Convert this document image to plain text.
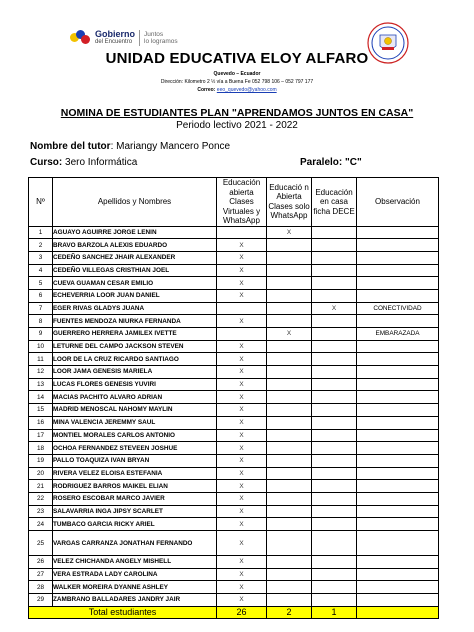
Gobierno
del Encuentro
Juntos
lo logramos
UNIDAD EDUCATIVA ELOY ALFARO
Quevedo – Ecuador
Dirección: Kilometro 2 ½ vía a Buena Fe 052 798 106 – 052 797 177
Correo: eeo_quevedo@yahoo.com
NOMINA DE ESTUDIANTES PLAN "APRENDAMOS JUNTOS EN CASA"
Periodo lectivo 2021 - 2022
Nombre del tutor: Mariangy Mancero Ponce
Curso: 3ero Informática	Paralelo: "C"
Nº	Apellidos y Nombres	Educación abierta Clases Virtuales y WhatsApp	Educació n Abierta Clases solo WhatsApp	Educación en casa ficha DECE	Observación
1	AGUAYO AGUIRRE JORGE LENIN		X		
2	BRAVO BARZOLA ALEXIS EDUARDO	X			
3	CEDEÑO SANCHEZ JHAIR ALEXANDER	X			
4	CEDEÑO VILLEGAS CRISTHIAN JOEL	X			
5	CUEVA GUAMAN CESAR EMILIO	X			
6	ECHEVERRIA LOOR JUAN DANIEL	X			
7	EGER RIVAS GLADYS JUANA			X	CONECTIVIDAD
8	FUENTES MENDOZA NIURKA FERNANDA	X			
9	GUERRERO HERRERA JAMILEX IVETTE		X		EMBARAZADA
10	LETURNE DEL CAMPO JACKSON STEVEN	X			
11	LOOR DE LA CRUZ RICARDO SANTIAGO	X			
12	LOOR JAMA GENESIS MARIELA	X			
13	LUCAS FLORES GENESIS YUVIRI	X			
14	MACIAS PACHITO ALVARO ADRIAN	X			
15	MADRID MENOSCAL NAHOMY MAYLIN	X			
16	MINA VALENCIA JEREMMY SAUL	X			
17	MONTIEL MORALES CARLOS ANTONIO	X			
18	OCHOA FERNANDEZ STEVEEN JOSHUE	X			
19	PALLO TOAQUIZA IVAN BRYAN	X			
20	RIVERA VELEZ ELOISA ESTEFANIA	X			
21	RODRIGUEZ BARROS MAIKEL ELIAN	X			
22	ROSERO ESCOBAR MARCO JAVIER	X			
23	SALAVARRIA INGA JIPSY SCARLET	X			
24	TUMBACO GARCIA RICKY ARIEL	X			
25	VARGAS CARRANZA JONATHAN FERNANDO	X			
26	VELEZ CHICHANDA ANGELY MISHELL	X			
27	VERA ESTRADA LADY CAROLINA	X			
28	WALKER MOREIRA DYANNE ASHLEY	X			
29	ZAMBRANO BALLADARES JANDRY JAIR	X			
Total estudiantes		26	2	1	
